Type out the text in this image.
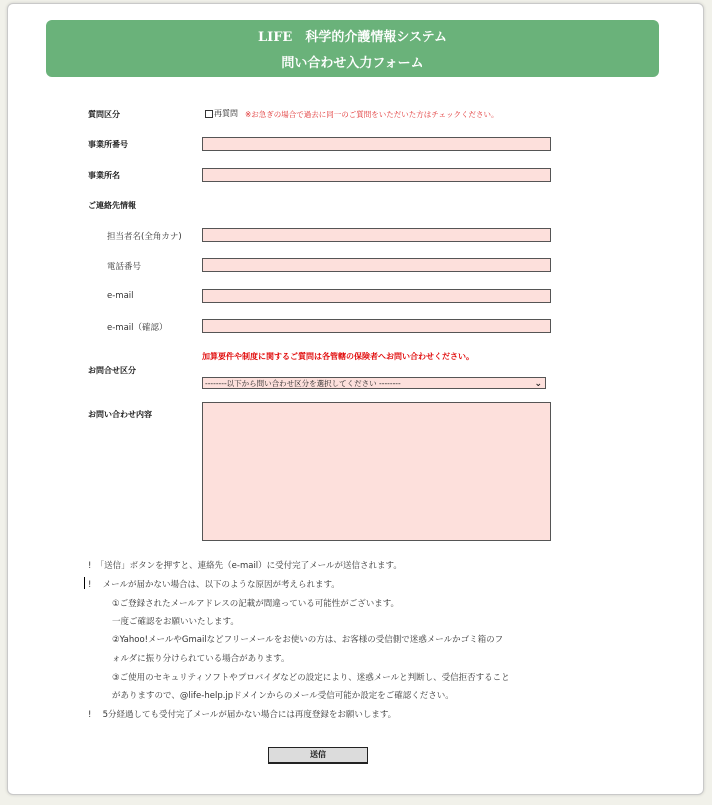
LIFE　科学的介護情報システム
問い合わせ入力フォーム
質問区分	再質問 ※お急ぎの場合で過去に同一のご質問をいただいた方はチェックください。
事業所番号
事業所名
ご連絡先情報
担当者名(全角カナ)
電話番号
e-mail
e-mail（確認）
加算要件や制度に関するご質問は各管轄の保険者へお問い合わせください。
お問合せ区分
--------以下から問い合わせ区分を選択してください --------	⌄
お問い合わせ内容
!　「送信」ボタンを押すと、連絡先（e-mail）に受付完了メールが送信されます。
!　 メールが届かない場合は、以下のような原因が考えられます。
①ご登録されたメールアドレスの記載が間違っている可能性がございます。
一度ご確認をお願いいたします。
②Yahoo!メールやGmailなどフリーメールをお使いの方は、お客様の受信側で迷惑メールかゴミ箱のフ
ォルダに振り分けられている場合があります。
③ご使用のセキュリティソフトやプロバイダなどの設定により、迷惑メールと判断し、受信拒否すること
がありますので、@life-help.jpドメインからのメール受信可能か設定をご確認ください。
!　 5分経過しても受付完了メールが届かない場合には再度登録をお願いします。
送信
